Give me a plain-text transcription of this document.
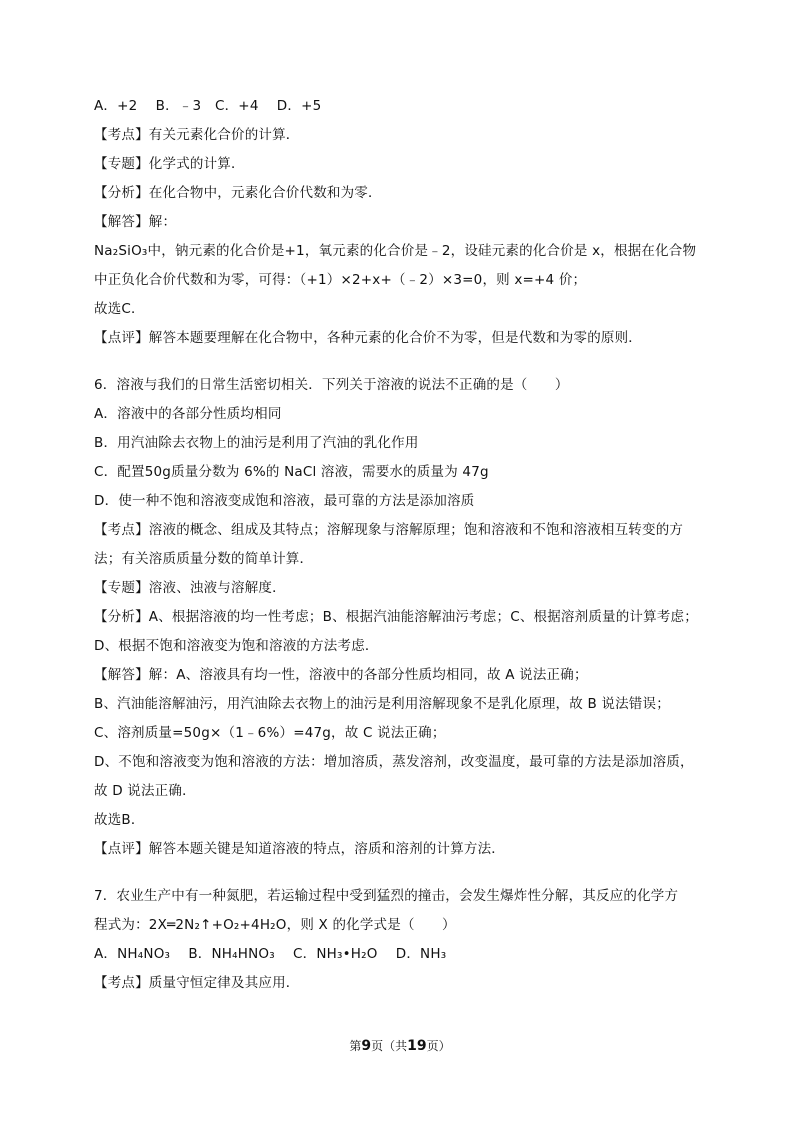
A．+2　 B．﹣3　C．+4　 D．+5

【考点】有关元素化合价的计算．

【专题】化学式的计算．

【分析】在化合物中，元素化合价代数和为零．

【解答】解：

Na₂SiO₃中，钠元素的化合价是+1，氧元素的化合价是﹣2，设硅元素的化合价是 x，根据在化合物

中正负化合价代数和为零，可得：（+1）×2+x+（﹣2）×3=0，则 x=+4 价；

故选C．

【点评】解答本题要理解在化合物中，各种元素的化合价不为零，但是代数和为零的原则．

6．溶液与我们的日常生活密切相关．下列关于溶液的说法不正确的是（　　）

A．溶液中的各部分性质均相同

B．用汽油除去衣物上的油污是利用了汽油的乳化作用

C．配置50g质量分数为 6%的 NaCl 溶液，需要水的质量为 47g

D．使一种不饱和溶液变成饱和溶液，最可靠的方法是添加溶质

【考点】溶液的概念、组成及其特点；溶解现象与溶解原理；饱和溶液和不饱和溶液相互转变的方

法；有关溶质质量分数的简单计算．

【专题】溶液、浊液与溶解度．

【分析】A、根据溶液的均一性考虑；B、根据汽油能溶解油污考虑；C、根据溶剂质量的计算考虑；

D、根据不饱和溶液变为饱和溶液的方法考虑．

【解答】解：A、溶液具有均一性，溶液中的各部分性质均相同，故 A 说法正确；

B、汽油能溶解油污，用汽油除去衣物上的油污是利用溶解现象不是乳化原理，故 B 说法错误；

C、溶剂质量=50g×（1﹣6%）=47g，故 C 说法正确；

D、不饱和溶液变为饱和溶液的方法：增加溶质，蒸发溶剂，改变温度，最可靠的方法是添加溶质，

故 D 说法正确．

故选B．

【点评】解答本题关键是知道溶液的特点，溶质和溶剂的计算方法．

7．农业生产中有一种氮肥，若运输过程中受到猛烈的撞击，会发生爆炸性分解，其反应的化学方

程式为：2X═2N₂↑+O₂+4H₂O，则 X 的化学式是（　　）

A．NH₄NO₃　 B．NH₄HNO₃　 C．NH₃•H₂O　 D．NH₃

【考点】质量守恒定律及其应用．

第9页（共19页）
